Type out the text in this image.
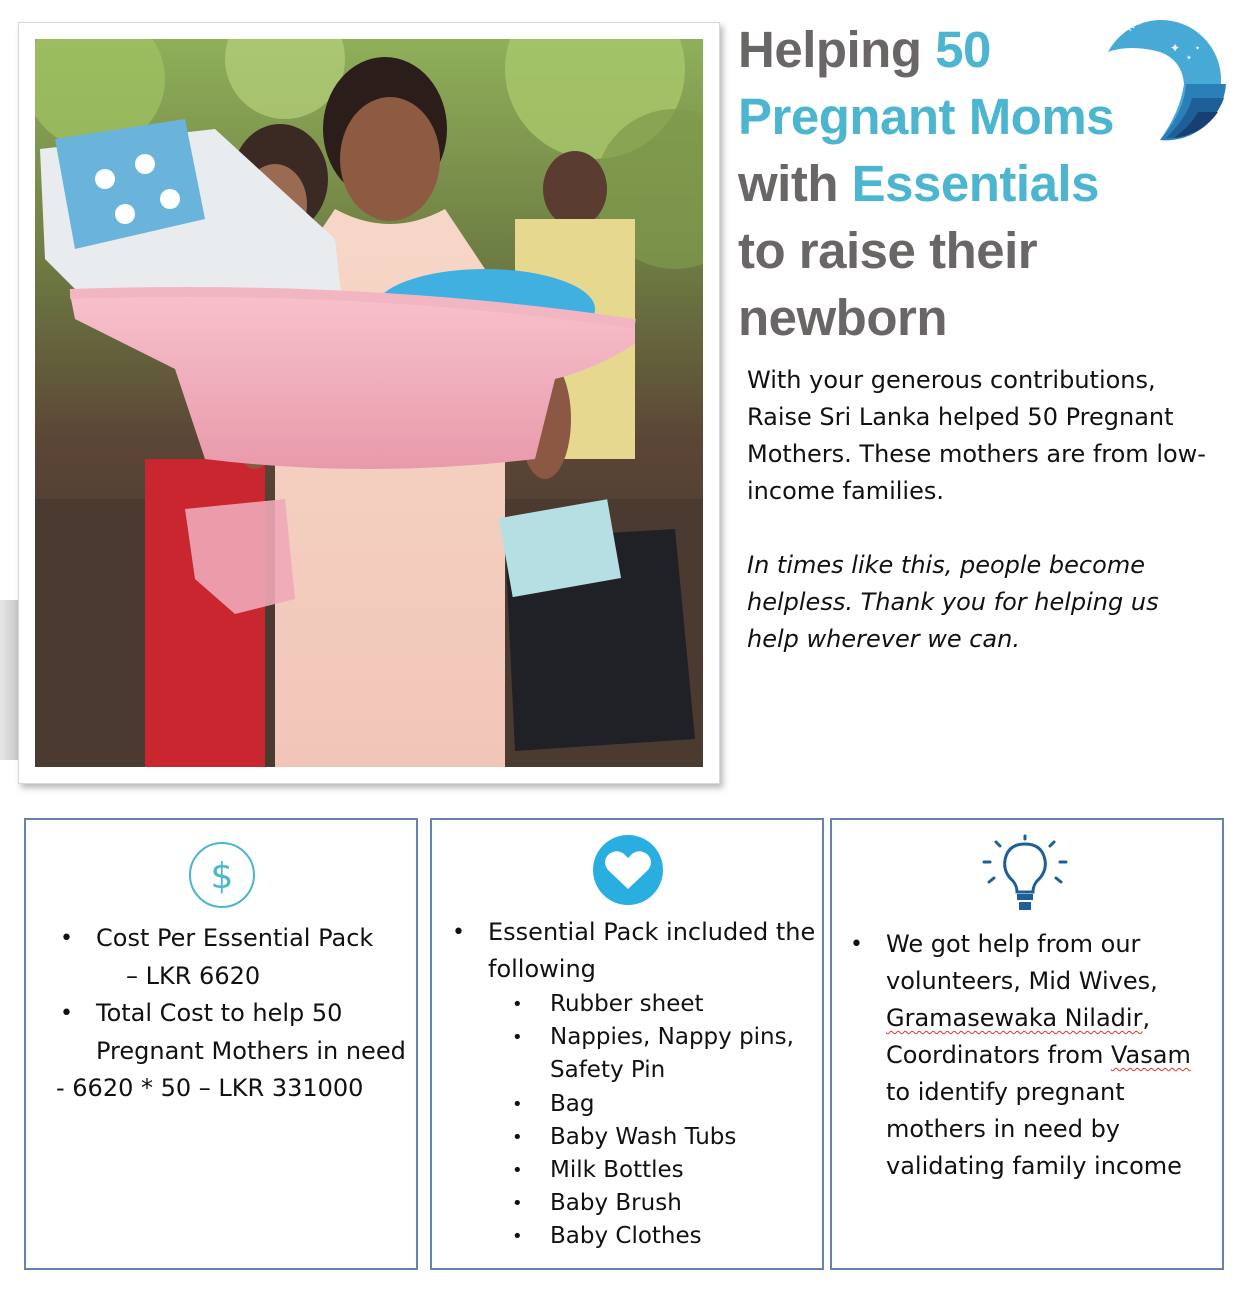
Helping 50
Pregnant Moms
with Essentials
to raise their
newborn
Raise Sri Lank
✦
✦
✦

With your generous contributions, Raise Sri Lanka helped 50 Pregnant Mothers. These mothers are from low-income families.

In times like this, people become helpless. Thank you for helping us help wherever we can.

$
• Cost Per Essential Pack
– LKR 6620
• Total Cost to help 50 Pregnant Mothers in need
- 6620 * 50 – LKR 331000
• Essential Pack included the following
• Rubber sheet
• Nappies, Nappy pins, Safety Pin
• Bag
• Baby Wash Tubs
• Milk Bottles
• Baby Brush
• Baby Clothes
• We got help from our volunteers, Mid Wives, Gramasewaka Niladir, Coordinators from Vasam to identify pregnant mothers in need by validating family income
